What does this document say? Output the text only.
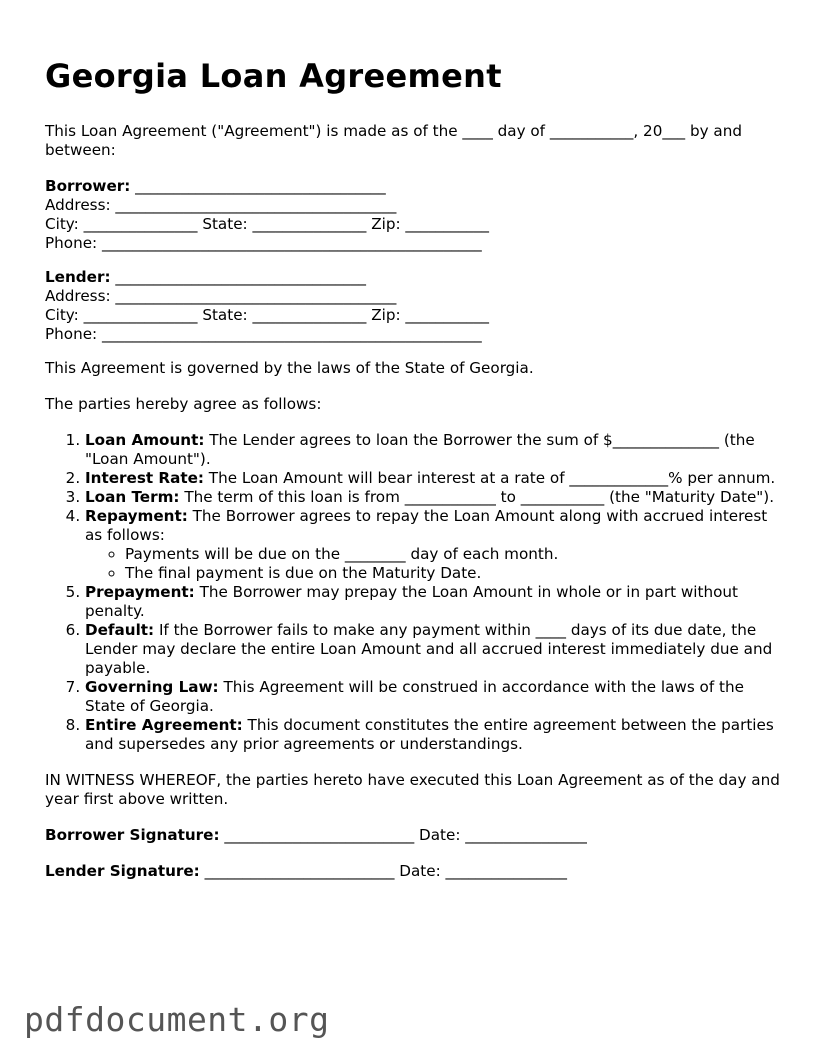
Georgia Loan Agreement

This Loan Agreement ("Agreement") is made as of the ____ day of ___________, 20___ by and between:

Borrower: _________________________________
Address: _____________________________________
City: _______________ State: _______________ Zip: ___________
Phone: __________________________________________________
Lender: _________________________________
Address: _____________________________________
City: _______________ State: _______________ Zip: ___________
Phone: __________________________________________________

This Agreement is governed by the laws of the State of Georgia.

The parties hereby agree as follows:

1. Loan Amount: The Lender agrees to loan the Borrower the sum of $______________ (the "Loan Amount").
2. Interest Rate: The Loan Amount will bear interest at a rate of _____________% per annum.
3. Loan Term: The term of this loan is from ____________ to ___________ (the "Maturity Date").
4. Repayment: The Borrower agrees to repay the Loan Amount along with accrued interest as follows:
◦ Payments will be due on the ________ day of each month.
◦ The final payment is due on the Maturity Date.
5. Prepayment: The Borrower may prepay the Loan Amount in whole or in part without penalty.
6. Default: If the Borrower fails to make any payment within ____ days of its due date, the Lender may declare the entire Loan Amount and all accrued interest immediately due and payable.
7. Governing Law: This Agreement will be construed in accordance with the laws of the State of Georgia.
8. Entire Agreement: This document constitutes the entire agreement between the parties and supersedes any prior agreements or understandings.

IN WITNESS WHEREOF, the parties hereto have executed this Loan Agreement as of the day and year first above written.

Borrower Signature: _________________________ Date: ________________
Lender Signature: _________________________ Date: ________________
pdfdocument.org
